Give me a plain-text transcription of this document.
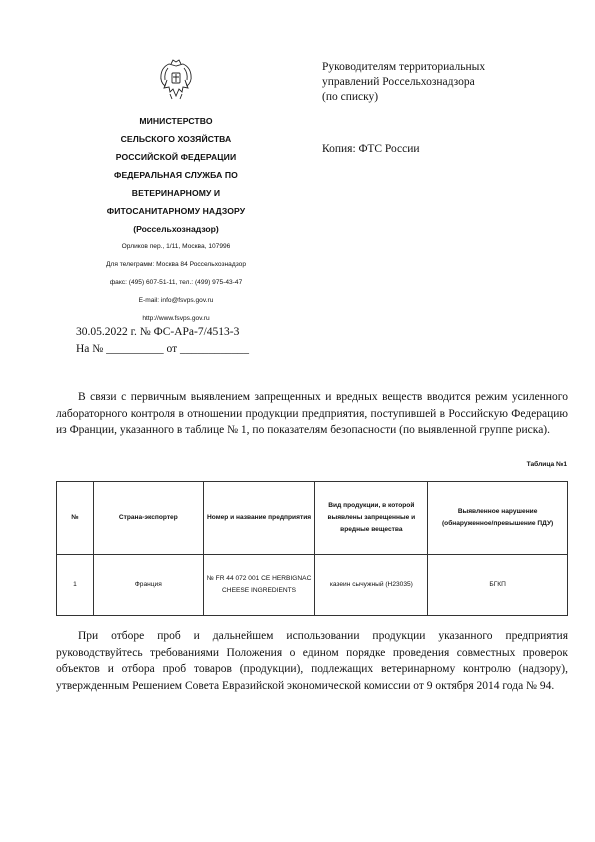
МИНИСТЕРСТВО
СЕЛЬСКОГО ХОЗЯЙСТВА
РОССИЙСКОЙ ФЕДЕРАЦИИ
ФЕДЕРАЛЬНАЯ СЛУЖБА ПО
ВЕТЕРИНАРНОМУ И
ФИТОСАНИТАРНОМУ НАДЗОРУ
(Россельхознадзор)
Орликов пер., 1/11, Москва, 107996
Для телеграмм: Москва 84 Россельхознадзор
факс: (495) 607-51-11, тел.: (499) 975-43-47
E-mail: info@fsvps.gov.ru
http://www.fsvps.gov.ru
30.05.2022 г. № ФС-АРа-7/4513-3
На № __________ от ____________
Руководителям территориальных
управлений Россельхознадзора
(по списку)
Копия: ФТС России
В связи с первичным выявлением запрещенных и вредных веществ вводится режим усиленного лабораторного контроля в отношении продукции предприятия, поступившей в Российскую Федерацию из Франции, указанного в таблице № 1, по показателям безопасности (по выявленной группе риска).
Таблица №1
№	Страна-экспортер	Номер и название предприятия	Вид продукции, в которой выявлены запрещенные и вредные вещества	Выявленное нарушение (обнаруженное/превышение ПДУ)
1	Франция	№ FR 44 072 001 CE HERBIGNAC CHEESE INGREDIENTS	казеин сычужный (Н23035)	БГКП
При отборе проб и дальнейшем использовании продукции указанного предприятия руководствуйтесь требованиями Положения о едином порядке проведения совместных проверок объектов и отбора проб товаров (продукции), подлежащих ветеринарному контролю (надзору), утвержденным Решением Совета Евразийской экономической комиссии от 9 октября 2014 года № 94.
